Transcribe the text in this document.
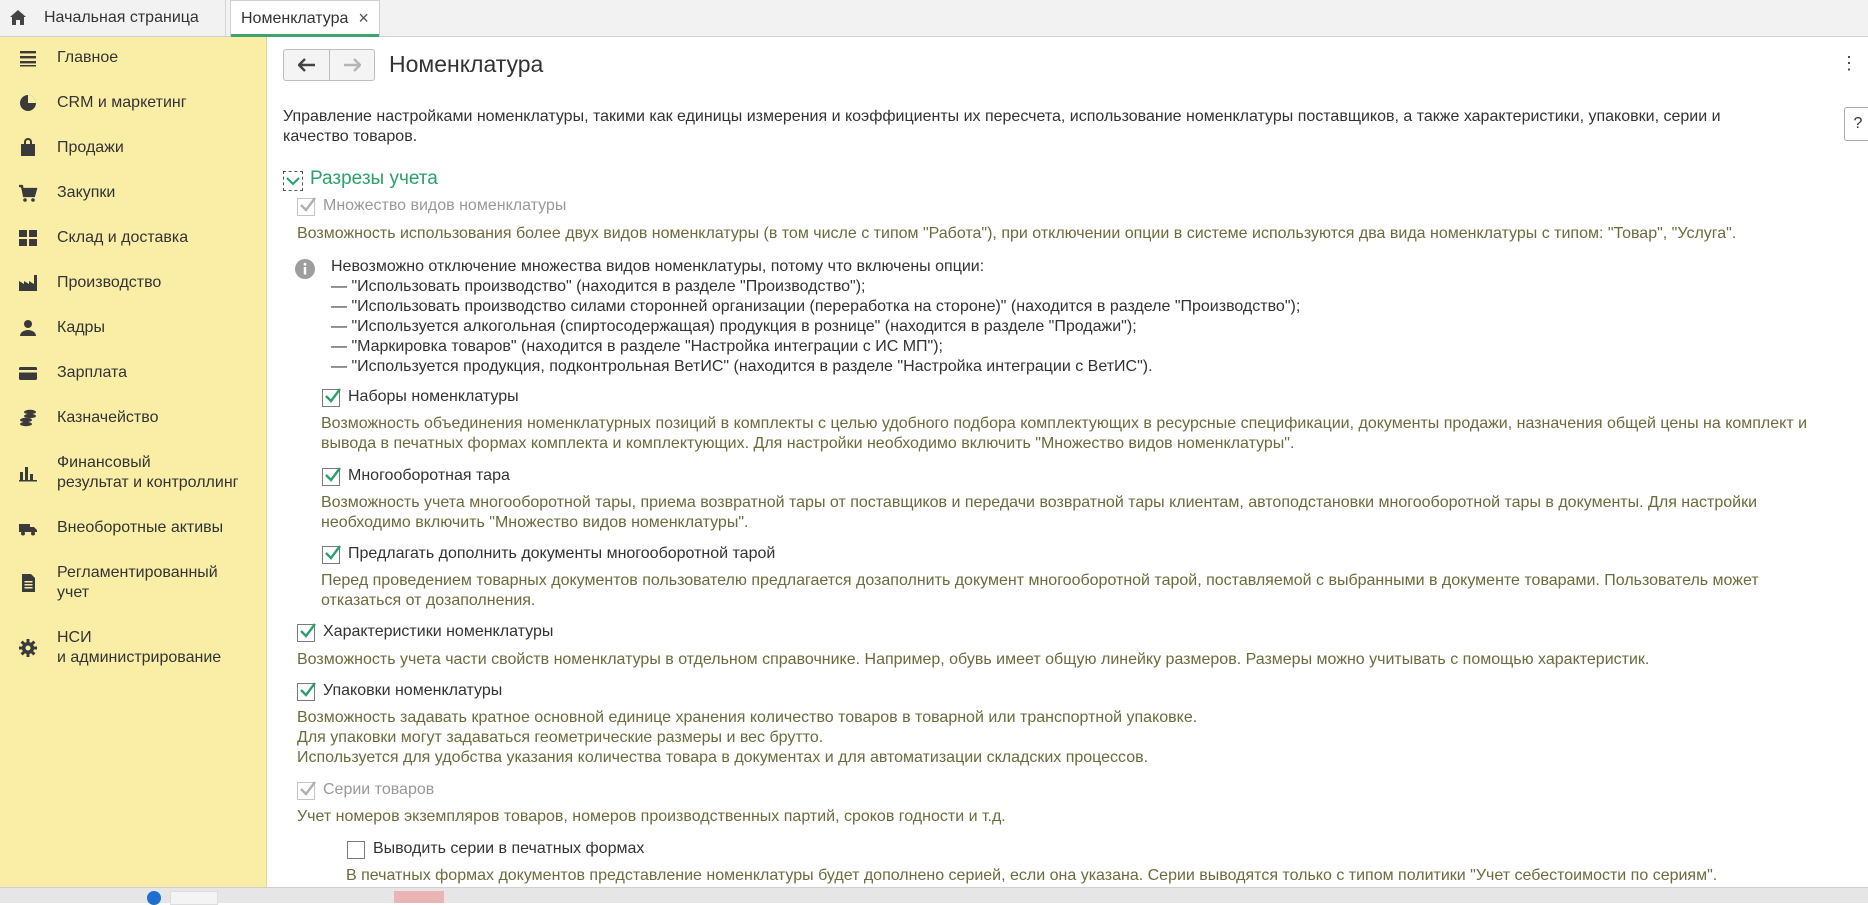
Начальная страница	Номенклатура ×
Главное
CRM и маркетинг
Продажи
Закупки
Склад и доставка
Производство
Кадры
Зарплата
Казначейство
Финансовый
результат и контроллинг
Внеоборотные активы
Регламентированный
учет
НСИ
и администрирование
Номенклатура	⋮
?
Управление настройками номенклатуры, такими как единицы измерения и коэффициенты их пересчета, использование номенклатуры поставщиков, а также характеристики, упаковки, серии и качество товаров.
Разрезы учета
Множество видов номенклатуры
Возможность использования более двух видов номенклатуры (в том числе с типом "Работа"), при отключении опции в системе используются два вида номенклатуры с типом: "Товар", "Услуга".
Невозможно отключение множества видов номенклатуры, потому что включены опции:
— "Использовать производство" (находится в разделе "Производство");
— "Использовать производство силами сторонней организации (переработка на стороне)" (находится в разделе "Производство");
— "Используется алкогольная (спиртосодержащая) продукция в рознице" (находится в разделе "Продажи");
— "Маркировка товаров" (находится в разделе "Настройка интеграции с ИС МП");
— "Используется продукция, подконтрольная ВетИС" (находится в разделе "Настройка интеграции с ВетИС").
Наборы номенклатуры
Возможность объединения номенклатурных позиций в комплекты с целью удобного подбора комплектующих в ресурсные спецификации, документы продажи, назначения общей цены на комплект и
вывода в печатных формах комплекта и комплектующих. Для настройки необходимо включить "Множество видов номенклатуры".
Многооборотная тара
Возможность учета многооборотной тары, приема возвратной тары от поставщиков и передачи возвратной тары клиентам, автоподстановки многооборотной тары в документы. Для настройки
необходимо включить "Множество видов номенклатуры".
Предлагать дополнить документы многооборотной тарой
Перед проведением товарных документов пользователю предлагается дозаполнить документ многооборотной тарой, поставляемой с выбранными в документе товарами. Пользователь может
отказаться от дозаполнения.
Характеристики номенклатуры
Возможность учета части свойств номенклатуры в отдельном справочнике. Например, обувь имеет общую линейку размеров. Размеры можно учитывать с помощью характеристик.
Упаковки номенклатуры
Возможность задавать кратное основной единице хранения количество товаров в товарной или транспортной упаковке.
Для упаковки могут задаваться геометрические размеры и вес брутто.
Используется для удобства указания количества товара в документах и для автоматизации складских процессов.
Серии товаров
Учет номеров экземпляров товаров, номеров производственных партий, сроков годности и т.д.
Выводить серии в печатных формах
В печатных формах документов представление номенклатуры будет дополнено серией, если она указана. Серии выводятся только с типом политики "Учет себестоимости по сериям".
